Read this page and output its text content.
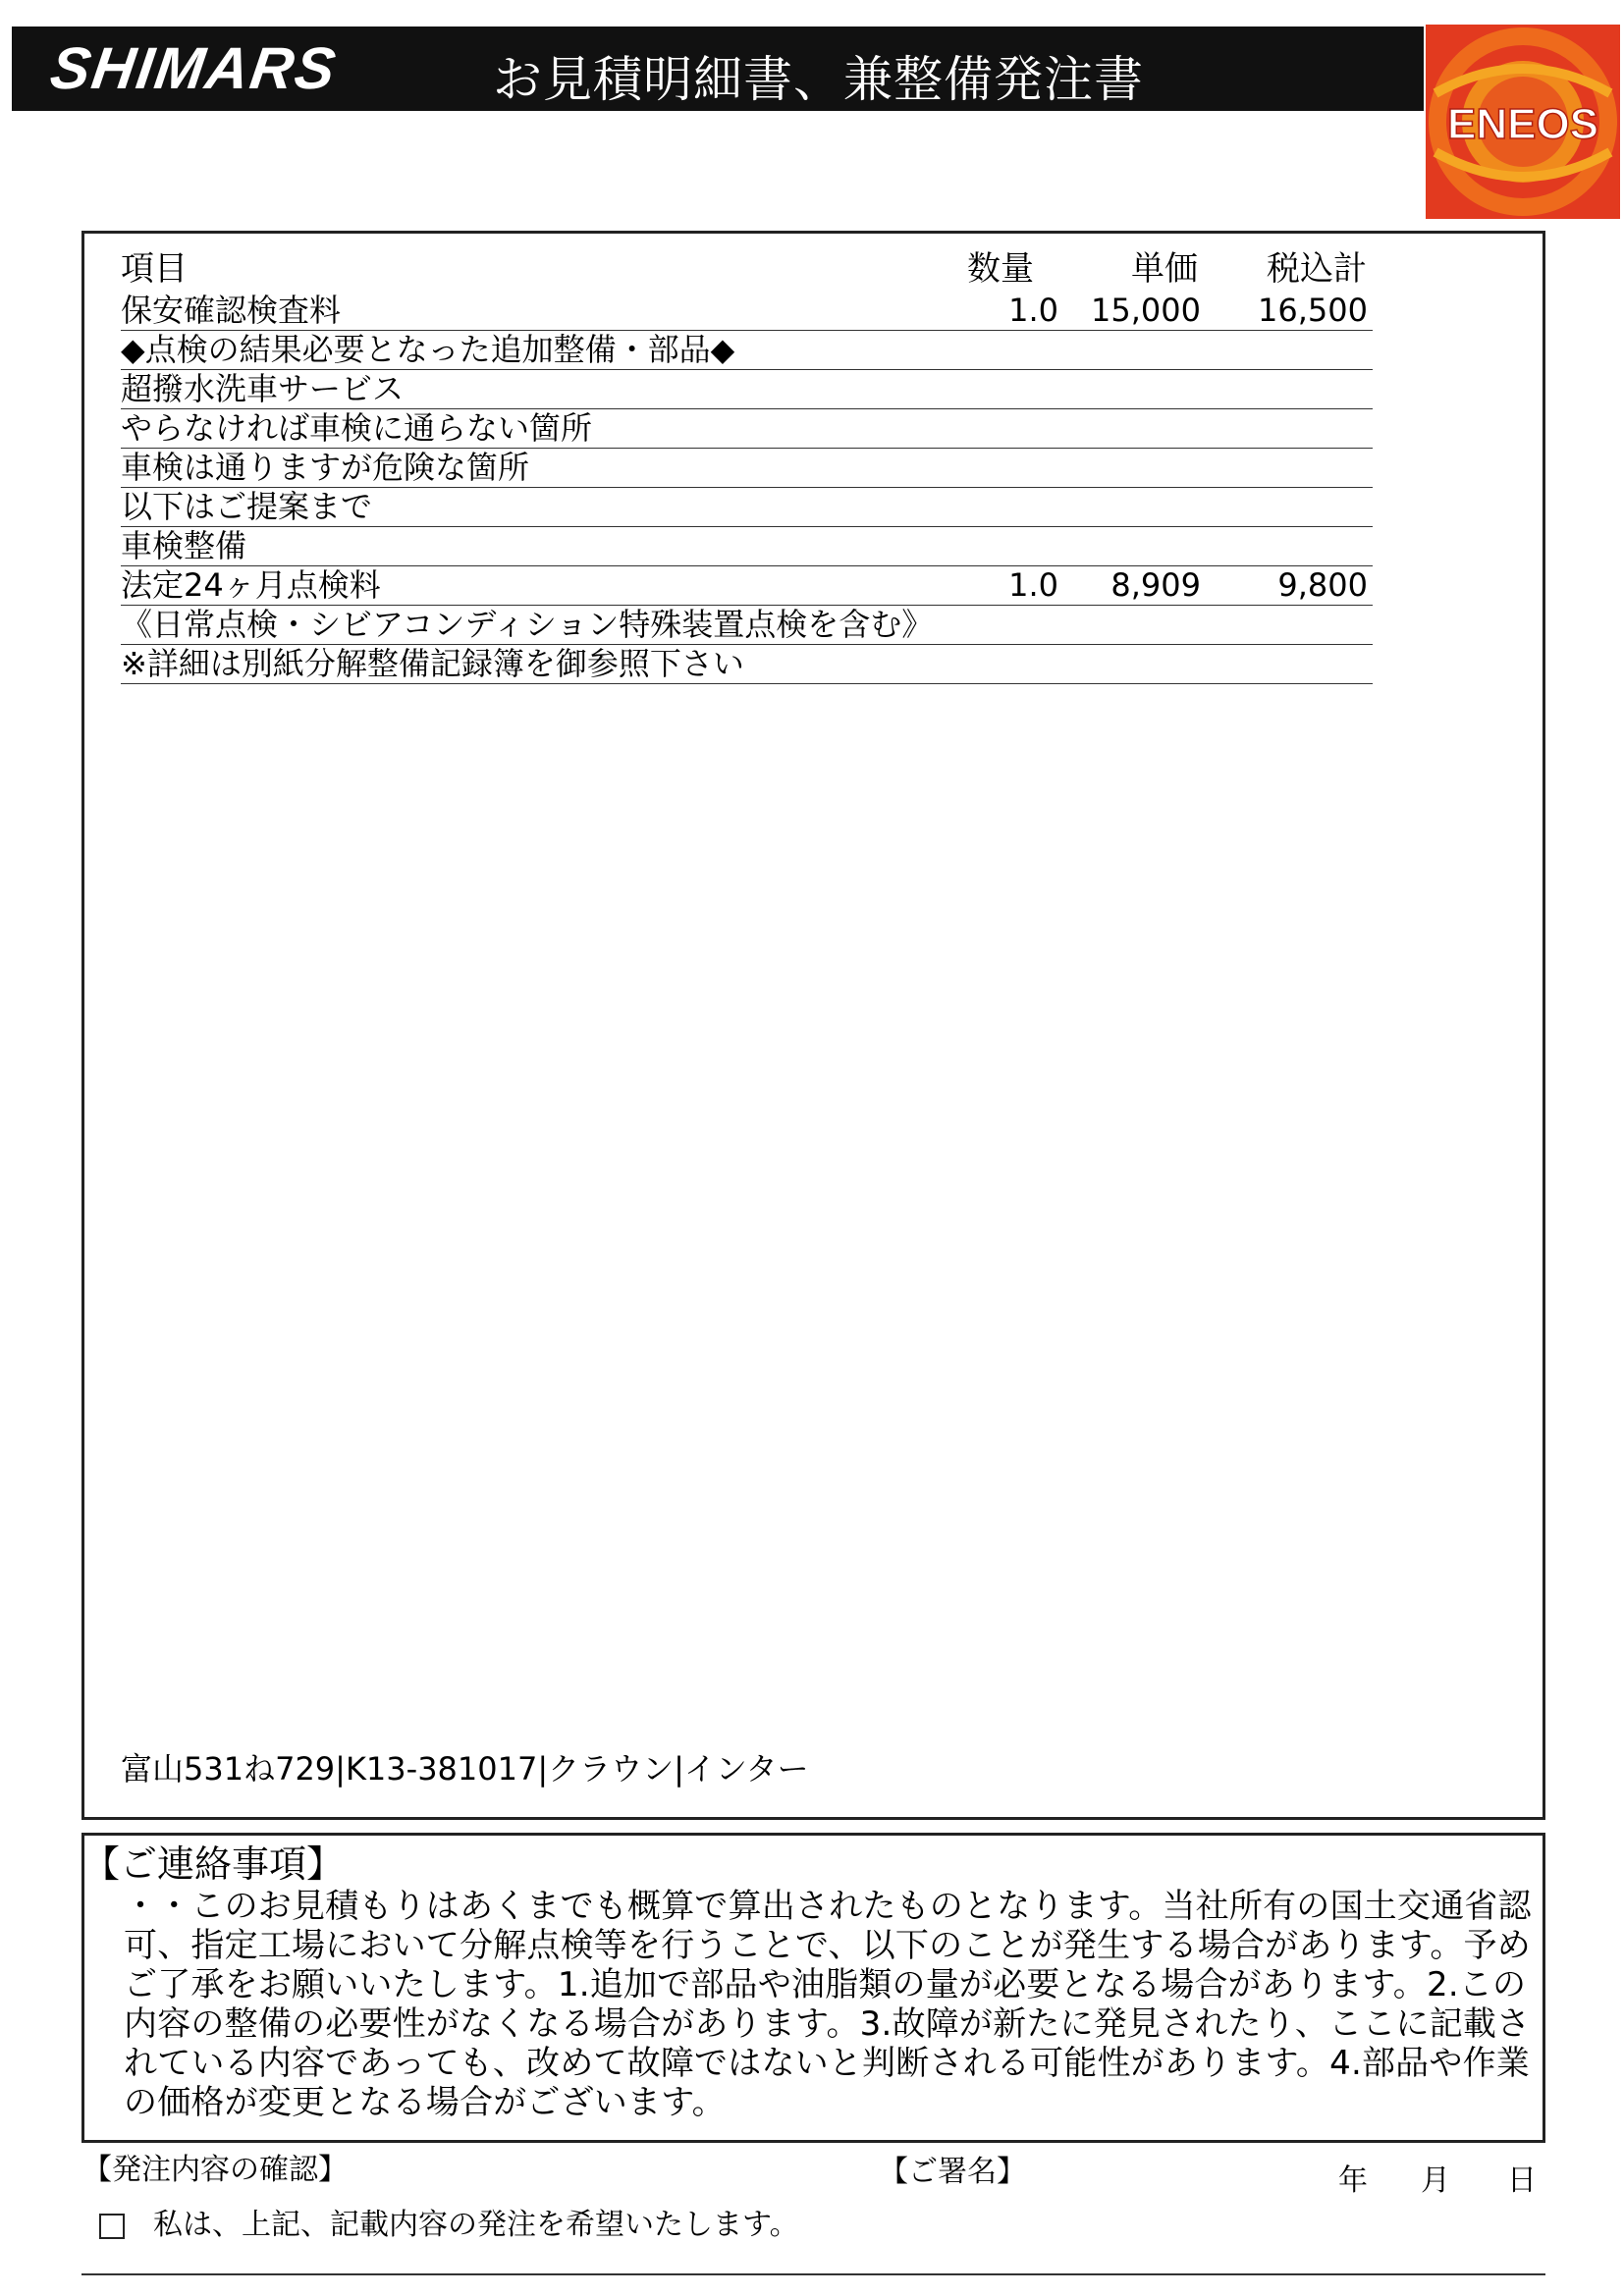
SHIMARS	お見積明細書、兼整備発注書
ENEOS
項目	数量	単価 税込計
保安確認検査料	1.0 15,000 16,500
◆点検の結果必要となった追加整備・部品◆
超撥水洗車サービス
やらなければ車検に通らない箇所
車検は通りますが危険な箇所
以下はご提案まで
車検整備
法定24ヶ月点検料	1.0 8,909 9,800
《日常点検・シビアコンディション特殊装置点検を含む》
※詳細は別紙分解整備記録簿を御参照下さい
富山531ね729|K13-381017|クラウン|インター
【ご連絡事項】
・・このお見積もりはあくまでも概算で算出されたものとなります。当社所有の国土交通省認可、指定工場において分解点検等を行うことで、以下のことが発生する場合があります。予めご了承をお願いいたします。1.追加で部品や油脂類の量が必要となる場合があります。2.この内容の整備の必要性がなくなる場合があります。3.故障が新たに発見されたり、ここに記載されている内容であっても、改めて故障ではないと判断される可能性があります。4.部品や作業の価格が変更となる場合がございます。
【発注内容の確認】	【ご署名】	年 月 日
私は、上記、記載内容の発注を希望いたします。
